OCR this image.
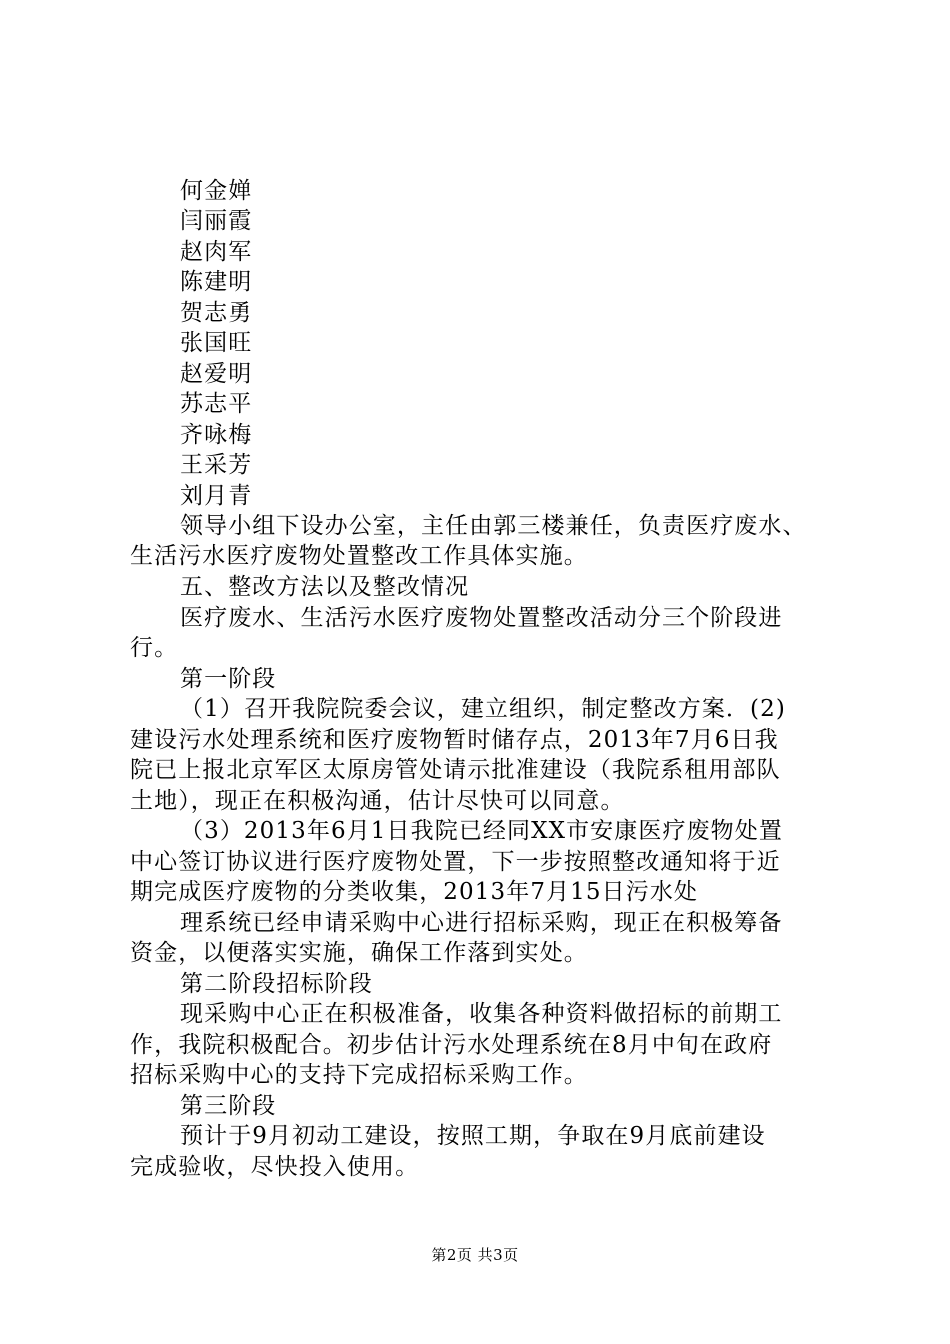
何金婵
闫丽霞
赵肉军
陈建明
贺志勇
张国旺
赵爱明
苏志平
齐咏梅
王采芳
刘月青
领导小组下设办公室，主任由郭三楼兼任，负责医疗废水、
生活污水医疗废物处置整改工作具体实施。
五、整改方法以及整改情况
医疗废水、生活污水医疗废物处置整改活动分三个阶段进
行。
第一阶段
（1）召开我院院委会议，建立组织，制定整改方案．(2)
建设污水处理系统和医疗废物暂时储存点，2013年7月6日我
院已上报北京军区太原房管处请示批准建设（我院系租用部队
土地），现正在积极沟通，估计尽快可以同意。
（3）2013年6月1日我院已经同XX市安康医疗废物处置
中心签订协议进行医疗废物处置，下一步按照整改通知将于近
期完成医疗废物的分类收集，2013年7月15日污水处
理系统已经申请采购中心进行招标采购，现正在积极筹备
资金，以便落实实施，确保工作落到实处。
第二阶段招标阶段
现采购中心正在积极准备，收集各种资料做招标的前期工
作，我院积极配合。初步估计污水处理系统在8月中旬在政府
招标采购中心的支持下完成招标采购工作。
第三阶段
预计于9月初动工建设，按照工期，争取在9月底前建设
完成验收，尽快投入使用。
第2页 共3页
